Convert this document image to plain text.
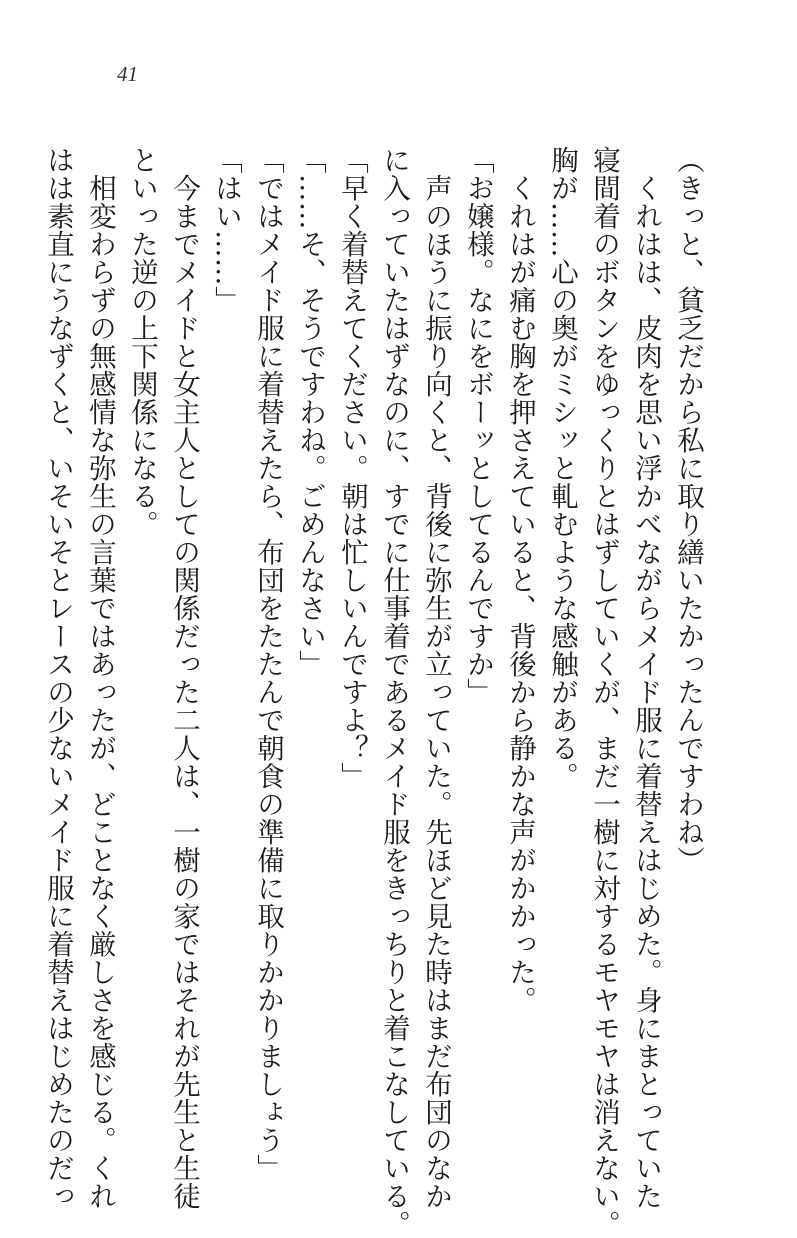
41
（きっと、貧乏だから私に取り繕いたかったんですわね）
　くれはは、皮肉を思い浮かべながらメイド服に着替えはじめた。身にまとっていた
寝間着のボタンをゆっくりとはずしていくが、まだ一樹に対するモヤモヤは消えない。
胸が……心の奥がミシッと軋むような感触がある。
　くれはが痛む胸を押さえていると、背後から静かな声がかかった。
「お嬢様。なにをボーッとしてるんですか」
　声のほうに振り向くと、背後に弥生が立っていた。先ほど見た時はまだ布団のなか
に入っていたはずなのに、すでに仕事着であるメイド服をきっちりと着こなしている。
「早く着替えてください。朝は忙しいんですよ？」
「……そ、そうですわね。ごめんなさい」
「ではメイド服に着替えたら、布団をたたんで朝食の準備に取りかかりましょう」
「はい……」
　今までメイドと女主人としての関係だった二人は、一樹の家ではそれが先生と生徒
といった逆の上下関係になる。
　相変わらずの無感情な弥生の言葉ではあったが、どことなく厳しさを感じる。くれ
はは素直にうなずくと、いそいそとレースの少ないメイド服に着替えはじめたのだっ
